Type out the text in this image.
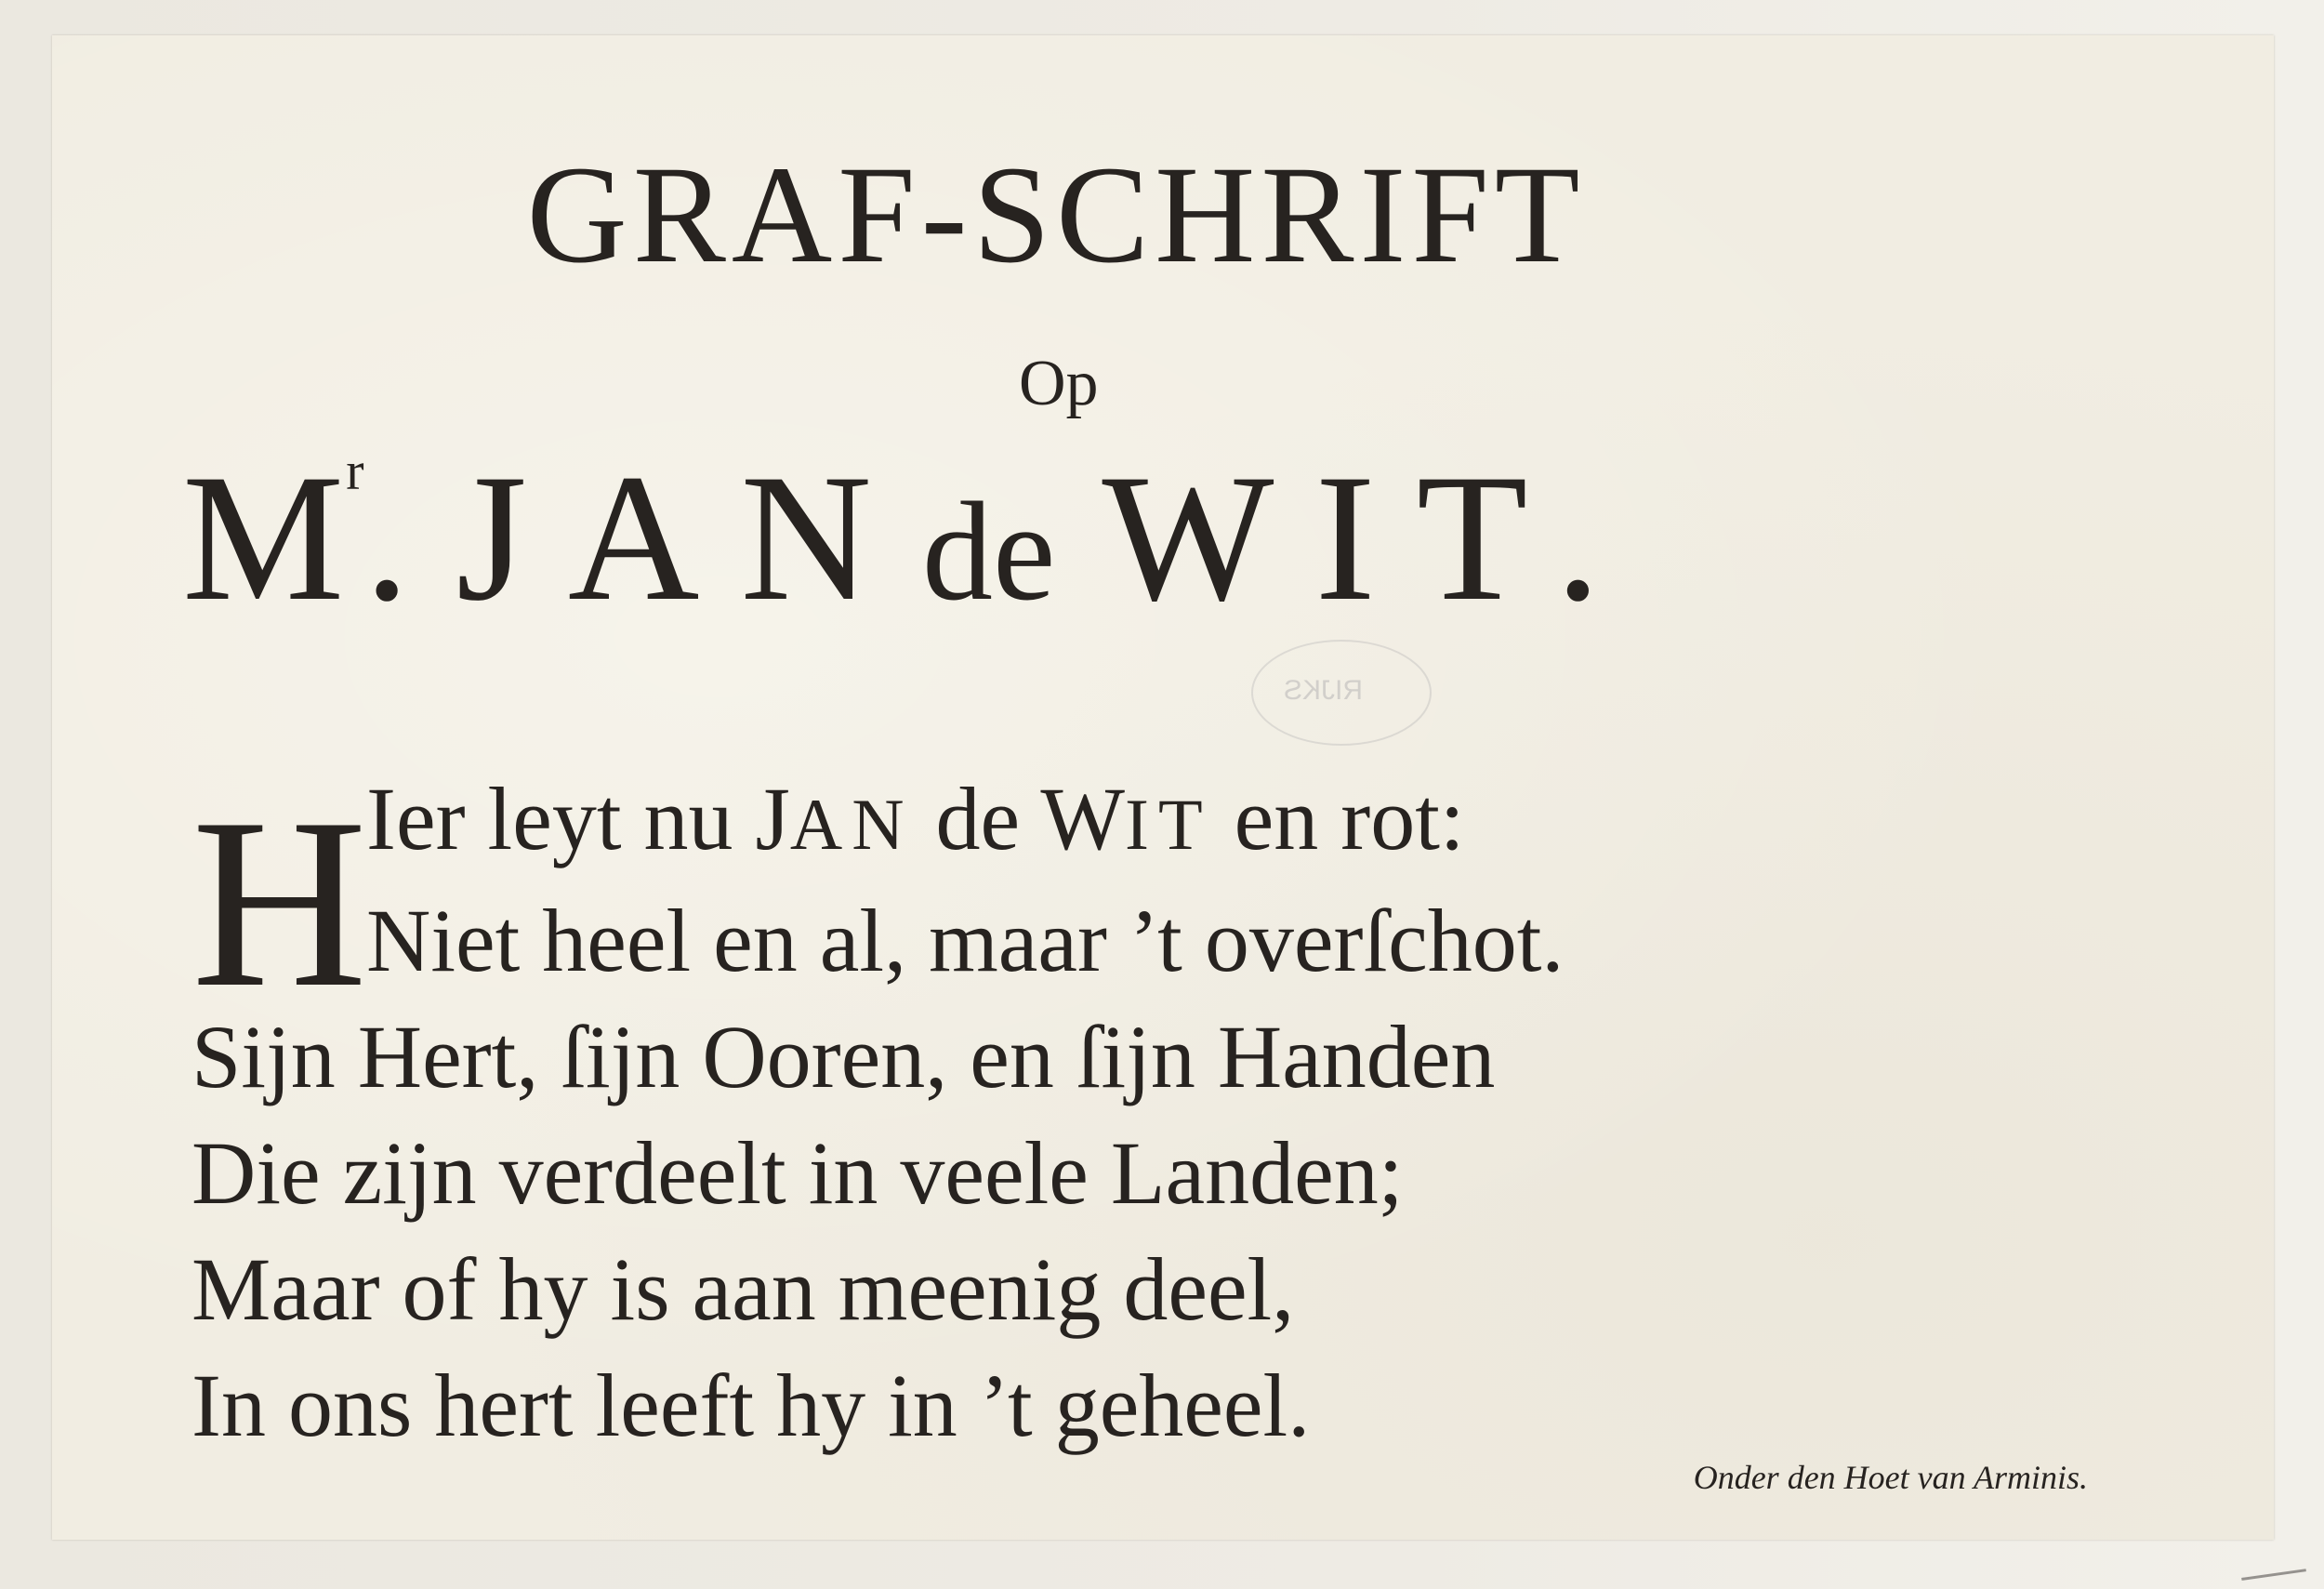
GRAF-SCHRIFT
Op
$M^r$. JANde WIT.
RIJKS
H
Ier leyt nu JAN de WIT en rot:
Niet heel en al, maar ’t overſchot.
Sijn Hert, ſijn Ooren, en ſijn Handen
Die zijn verdeelt in veele Landen;
Maar of hy is aan meenig deel,
In ons hert leeft hy in ’t geheel.
Onder den Hoet van Arminis.
